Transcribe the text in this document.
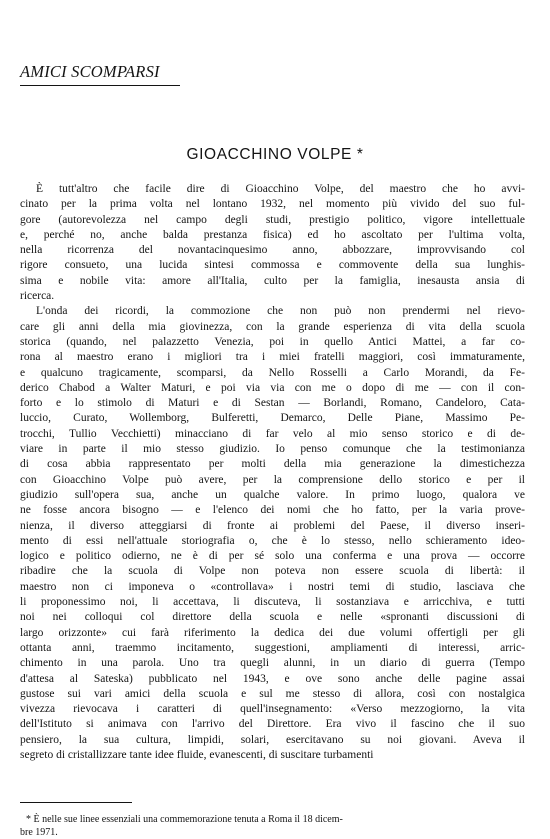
AMICI SCOMPARSI
GIOACCHINO VOLPE *
È tutt'altro che facile dire di Gioacchino Volpe, del maestro che ho avvi-
cinato per la prima volta nel lontano 1932, nel momento più vivido del suo ful-
gore (autorevolezza nel campo degli studi, prestigio politico, vigore intellettuale
e, perché no, anche balda prestanza fisica) ed ho ascoltato per l'ultima volta,
nella ricorrenza del novantacinquesimo anno, abbozzare, improvvisando col
rigore consueto, una lucida sintesi commossa e commovente della sua lunghis-
sima e nobile vita: amore all'Italia, culto per la famiglia, inesausta ansia di
ricerca.
L'onda dei ricordi, la commozione che non può non prendermi nel rievo-
care gli anni della mia giovinezza, con la grande esperienza di vita della scuola
storica (quando, nel palazzetto Venezia, poi in quello Antici Mattei, a far co-
rona al maestro erano i migliori tra i miei fratelli maggiori, così immaturamente,
e qualcuno tragicamente, scomparsi, da Nello Rosselli a Carlo Morandi, da Fe-
derico Chabod a Walter Maturi, e poi via via con me o dopo di me — con il con-
forto e lo stimolo di Maturi e di Sestan — Borlandi, Romano, Candeloro, Cata-
luccio, Curato, Wollemborg, Bulferetti, Demarco, Delle Piane, Massimo Pe-
trocchi, Tullio Vecchietti) minacciano di far velo al mio senso storico e di de-
viare in parte il mio stesso giudizio. Io penso comunque che la testimonianza
di cosa abbia rappresentato per molti della mia generazione la dimestichezza
con Gioacchino Volpe può avere, per la comprensione dello storico e per il
giudizio sull'opera sua, anche un qualche valore. In primo luogo, qualora ve
ne fosse ancora bisogno — e l'elenco dei nomi che ho fatto, per la varia prove-
nienza, il diverso atteggiarsi di fronte ai problemi del Paese, il diverso inseri-
mento di essi nell'attuale storiografia o, che è lo stesso, nello schieramento ideo-
logico e politico odierno, ne è di per sé solo una conferma e una prova — occorre
ribadire che la scuola di Volpe non poteva non essere scuola di libertà: il
maestro non ci imponeva o «controllava» i nostri temi di studio, lasciava che
li proponessimo noi, li accettava, li discuteva, li sostanziava e arricchiva, e tutti
noi nei colloqui col direttore della scuola e nelle «spronanti discussioni di
largo orizzonte» cui farà riferimento la dedica dei due volumi offertigli per gli
ottanta anni, traemmo incitamento, suggestioni, ampliamenti di interessi, arric-
chimento in una parola. Uno tra quegli alunni, in un diario di guerra (Tempo
d'attesa al Sateska) pubblicato nel 1943, e ove sono anche delle pagine assai
gustose sui vari amici della scuola e sul me stesso di allora, così con nostalgica
vivezza rievocava i caratteri di quell'insegnamento: «Verso mezzogiorno, la vita
dell'Istituto si animava con l'arrivo del Direttore. Era vivo il fascino che il suo
pensiero, la sua cultura, limpidi, solari, esercitavano su noi giovani. Aveva il
segreto di cristallizzare tante idee fluide, evanescenti, di suscitare turbamenti
* È nelle sue linee essenziali una commemorazione tenuta a Roma il 18 dicem-
bre 1971.
